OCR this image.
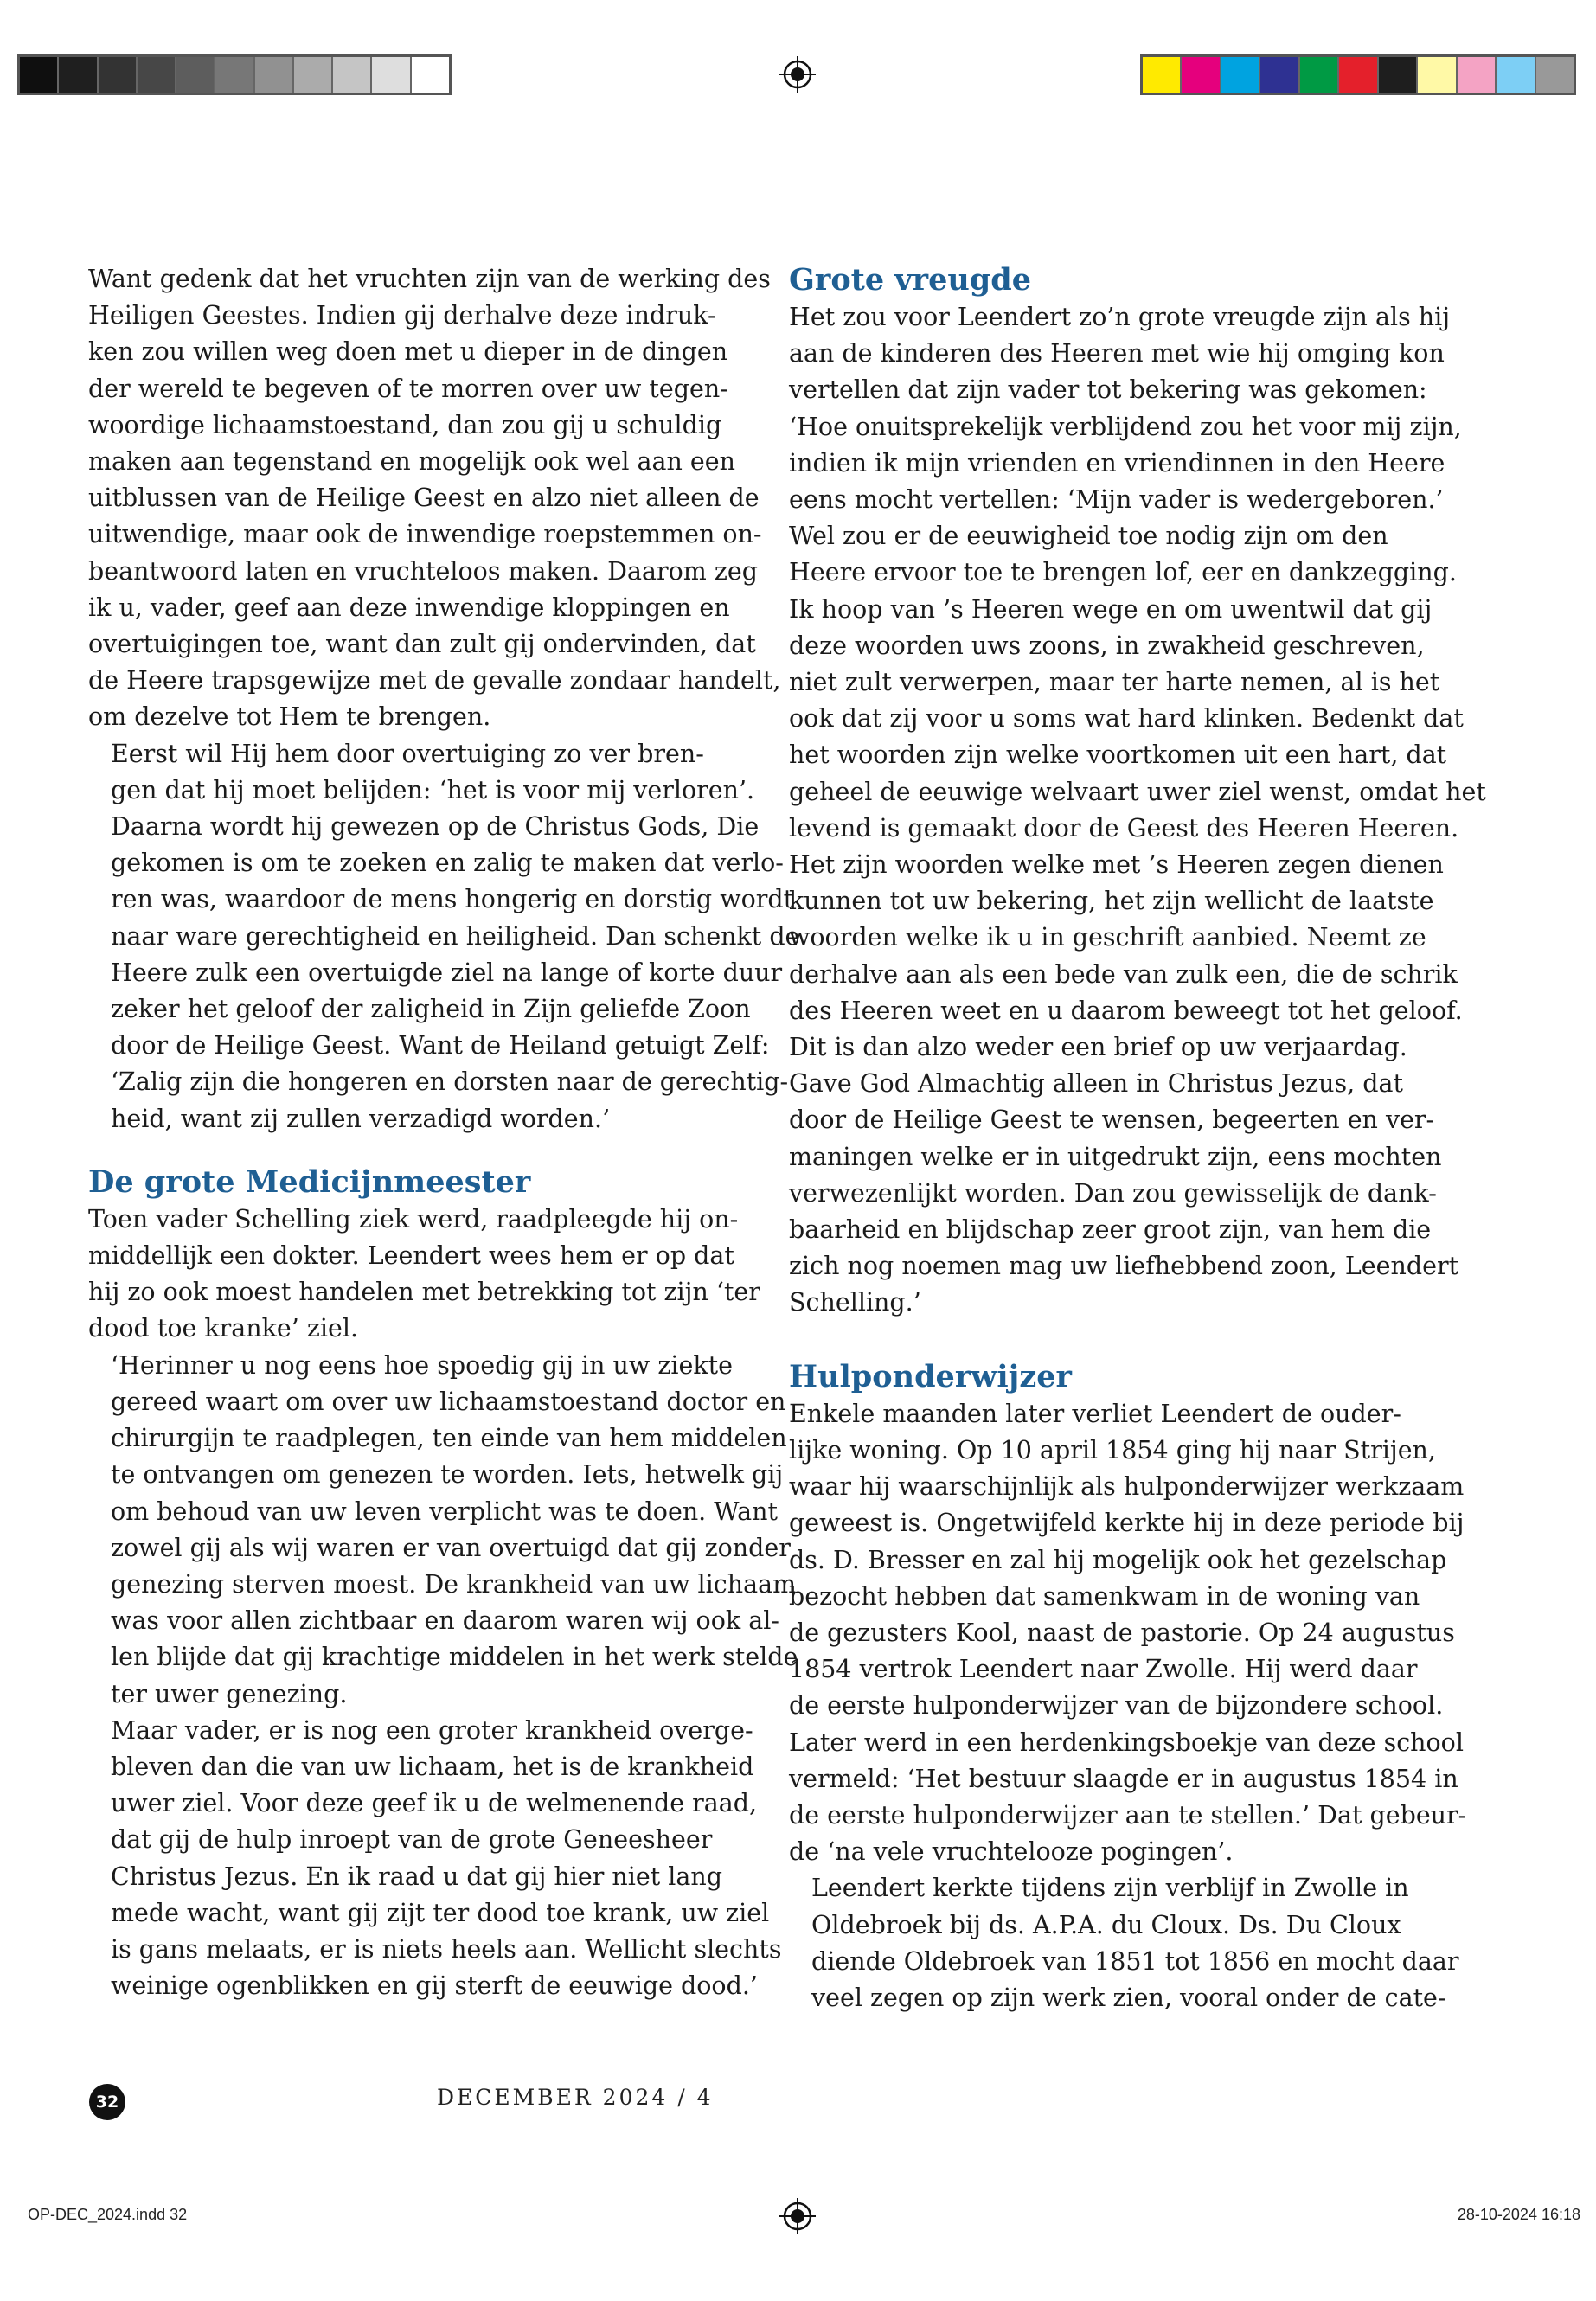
Want gedenk dat het vruchten zijn van de werking des
Heiligen Geestes. Indien gij derhalve deze indruk-
ken zou willen weg doen met u dieper in de dingen
der wereld te begeven of te morren over uw tegen-
woordige lichaamstoestand, dan zou gij u schuldig
maken aan tegenstand en mogelijk ook wel aan een
uitblussen van de Heilige Geest en alzo niet alleen de
uitwendige, maar ook de inwendige roepstemmen on-
beantwoord laten en vruchteloos maken. Daarom zeg
ik u, vader, geef aan deze inwendige kloppingen en
overtuigingen toe, want dan zult gij ondervinden, dat
de Heere trapsgewijze met de gevalle zondaar handelt,
om dezelve tot Hem te brengen.

Eerst wil Hij hem door overtuiging zo ver bren-
gen dat hij moet belijden: ‘het is voor mij verloren’.
Daarna wordt hij gewezen op de Christus Gods, Die
gekomen is om te zoeken en zalig te maken dat verlo-
ren was, waardoor de mens hongerig en dorstig wordt
naar ware gerechtigheid en heiligheid. Dan schenkt de
Heere zulk een overtuigde ziel na lange of korte duur
zeker het geloof der zaligheid in Zijn geliefde Zoon
door de Heilige Geest. Want de Heiland getuigt Zelf:
‘Zalig zijn die hongeren en dorsten naar de gerechtig-
heid, want zij zullen verzadigd worden.’

De grote Medicijnmeester

Toen vader Schelling ziek werd, raadpleegde hij on-
middellijk een dokter. Leendert wees hem er op dat
hij zo ook moest handelen met betrekking tot zijn ‘ter
dood toe kranke’ ziel.

‘Herinner u nog eens hoe spoedig gij in uw ziekte
gereed waart om over uw lichaamstoestand doctor en
chirurgijn te raadplegen, ten einde van hem middelen
te ontvangen om genezen te worden. Iets, hetwelk gij
om behoud van uw leven verplicht was te doen. Want
zowel gij als wij waren er van overtuigd dat gij zonder
genezing sterven moest. De krankheid van uw lichaam
was voor allen zichtbaar en daarom waren wij ook al-
len blijde dat gij krachtige middelen in het werk stelde
ter uwer genezing.

Maar vader, er is nog een groter krankheid overge-
bleven dan die van uw lichaam, het is de krankheid
uwer ziel. Voor deze geef ik u de welmenende raad,
dat gij de hulp inroept van de grote Geneesheer
Christus Jezus. En ik raad u dat gij hier niet lang
mede wacht, want gij zijt ter dood toe krank, uw ziel
is gans melaats, er is niets heels aan. Wellicht slechts
weinige ogenblikken en gij sterft de eeuwige dood.’

Grote vreugde

Het zou voor Leendert zo’n grote vreugde zijn als hij
aan de kinderen des Heeren met wie hij omging kon
vertellen dat zijn vader tot bekering was gekomen:
‘Hoe onuitsprekelijk verblijdend zou het voor mij zijn,
indien ik mijn vrienden en vriendinnen in den Heere
eens mocht vertellen: ‘Mijn vader is wedergeboren.’
Wel zou er de eeuwigheid toe nodig zijn om den
Heere ervoor toe te brengen lof, eer en dankzegging.
Ik hoop van ’s Heeren wege en om uwentwil dat gij
deze woorden uws zoons, in zwakheid geschreven,
niet zult verwerpen, maar ter harte nemen, al is het
ook dat zij voor u soms wat hard klinken. Bedenkt dat
het woorden zijn welke voortkomen uit een hart, dat
geheel de eeuwige welvaart uwer ziel wenst, omdat het
levend is gemaakt door de Geest des Heeren Heeren.
Het zijn woorden welke met ’s Heeren zegen dienen
kunnen tot uw bekering, het zijn wellicht de laatste
woorden welke ik u in geschrift aanbied. Neemt ze
derhalve aan als een bede van zulk een, die de schrik
des Heeren weet en u daarom beweegt tot het geloof.
Dit is dan alzo weder een brief op uw verjaardag.
Gave God Almachtig alleen in Christus Jezus, dat
door de Heilige Geest te wensen, begeerten en ver-
maningen welke er in uitgedrukt zijn, eens mochten
verwezenlijkt worden. Dan zou gewisselijk de dank-
baarheid en blijdschap zeer groot zijn, van hem die
zich nog noemen mag uw liefhebbend zoon, Leendert
Schelling.’

Hulponderwijzer

Enkele maanden later verliet Leendert de ouder-
lijke woning. Op 10 april 1854 ging hij naar Strijen,
waar hij waarschijnlijk als hulponderwijzer werkzaam
geweest is. Ongetwijfeld kerkte hij in deze periode bij
ds. D. Bresser en zal hij mogelijk ook het gezelschap
bezocht hebben dat samenkwam in de woning van
de gezusters Kool, naast de pastorie. Op 24 augustus
1854 vertrok Leendert naar Zwolle. Hij werd daar
de eerste hulponderwijzer van de bijzondere school.
Later werd in een herdenkingsboekje van deze school
vermeld: ‘Het bestuur slaagde er in augustus 1854 in
de eerste hulponderwijzer aan te stellen.’ Dat gebeur-
de ‘na vele vruchtelooze pogingen’.

Leendert kerkte tijdens zijn verblijf in Zwolle in
Oldebroek bij ds. A.P.A. du Cloux. Ds. Du Cloux
diende Oldebroek van 1851 tot 1856 en mocht daar
veel zegen op zijn werk zien, vooral onder de cate-

32	DECEMBER 2024 / 4
OP-DEC_2024.indd 32	28-10-2024 16:18
